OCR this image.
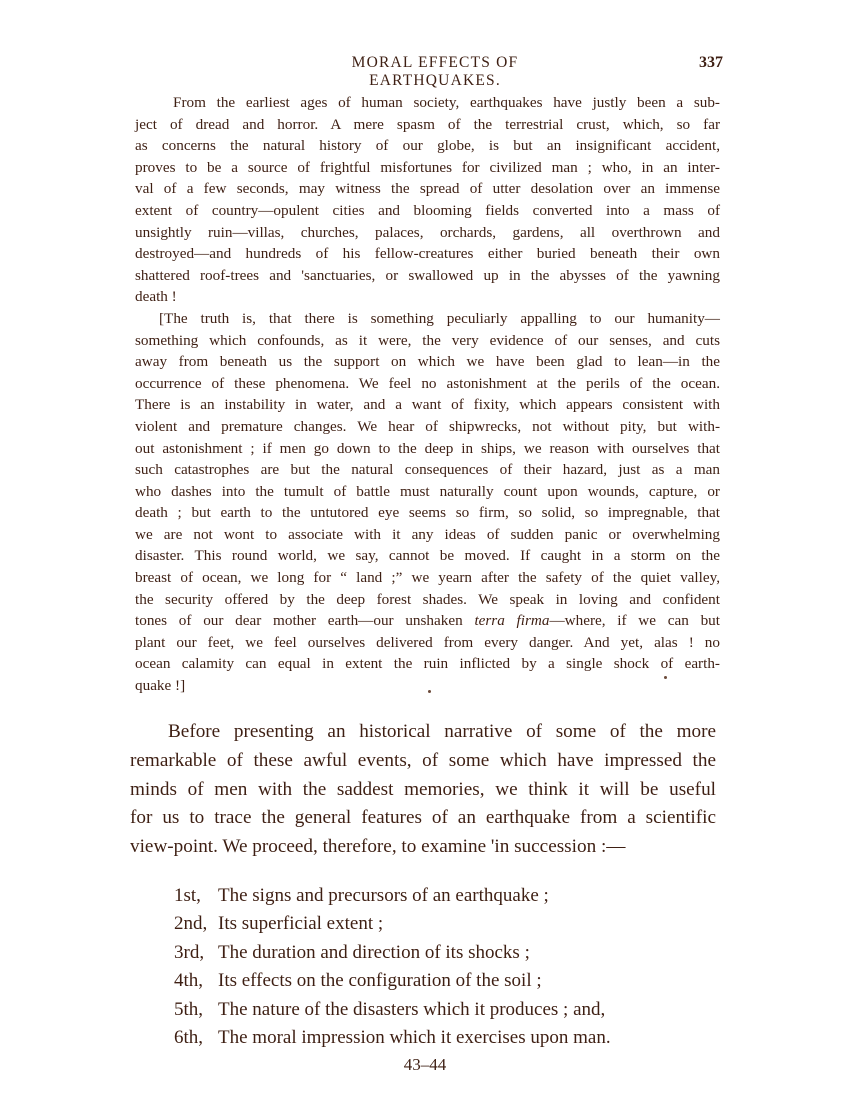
MORAL EFFECTS OF EARTHQUAKES.
337
From the earliest ages of human society, earthquakes have justly been a sub-
ject of dread and horror. A mere spasm of the terrestrial crust, which, so far
as concerns the natural history of our globe, is but an insignificant accident,
proves to be a source of frightful misfortunes for civilized man ; who, in an inter-
val of a few seconds, may witness the spread of utter desolation over an immense
extent of country—opulent cities and blooming fields converted into a mass of
unsightly ruin—villas, churches, palaces, orchards, gardens, all overthrown and
destroyed—and hundreds of his fellow-creatures either buried beneath their own
shattered roof-trees and 'sanctuaries, or swallowed up in the abysses of the yawning
death !
[The truth is, that there is something peculiarly appalling to our humanity—
something which confounds, as it were, the very evidence of our senses, and cuts
away from beneath us the support on which we have been glad to lean—in the
occurrence of these phenomena. We feel no astonishment at the perils of the ocean.
There is an instability in water, and a want of fixity, which appears consistent with
violent and premature changes. We hear of shipwrecks, not without pity, but with-
out astonishment ; if men go down to the deep in ships, we reason with ourselves that
such catastrophes are but the natural consequences of their hazard, just as a man
who dashes into the tumult of battle must naturally count upon wounds, capture, or
death ; but earth to the untutored eye seems so firm, so solid, so impregnable, that
we are not wont to associate with it any ideas of sudden panic or overwhelming
disaster. This round world, we say, cannot be moved. If caught in a storm on the
breast of ocean, we long for “ land ;” we yearn after the safety of the quiet valley,
the security offered by the deep forest shades. We speak in loving and confident
tones of our dear mother earth—our unshaken terra firma—where, if we can but
plant our feet, we feel ourselves delivered from every danger. And yet, alas ! no
ocean calamity can equal in extent the ruin inflicted by a single shock of earth-
quake !]
Before presenting an historical narrative of some of the more
remarkable of these awful events, of some which have impressed the
minds of men with the saddest memories, we think it will be useful
for us to trace the general features of an earthquake from a scientific
view-point. We proceed, therefore, to examine 'in succession :—
1st, The signs and precursors of an earthquake ;
2nd, Its superficial extent ;
3rd, The duration and direction of its shocks ;
4th, Its effects on the configuration of the soil ;
5th, The nature of the disasters which it produces ; and,
6th, The moral impression which it exercises upon man.
43–44
